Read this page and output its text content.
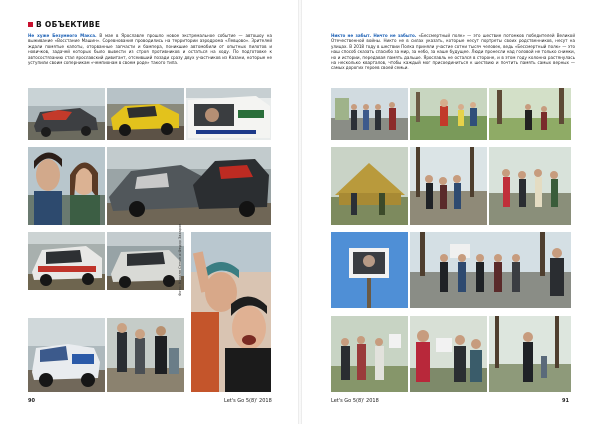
В ОБЪЕКТИВЕ
Не хуже Безумного Макса. В мае в Ярославле прошло новое экстремальное событие — автошоу на выживание «Восстание Машин». Соревнования проводились на территории аэродрома «Левцово». Зрителей ждали помятые капоты, оторванные запчасти и бампера, поникшие автомобили от опытных пилотов и новичков, задачей которых было вывести из строя противников и остаться на ходу. По подготовке к автосостязанию стал ярославский дивитант, отсеивший позади сразу двух участников из Казани, которые не уступили своим соперникам «чемпионам в своем роде» такого типа.
Фото: Кирилл Сенин и Федор Захаров
90	Let's Go 5(8)' 2018
Никто не забыт. Ничто не забыто. «Бессмертный полк» — это шествие потомков победителей Великой Отечественной войны. Никто не в силах указать, которые несут портреты своих родственников, несут на улицах. В 2018 году в шествии Полка приняли участие сотни тысяч человек, ведь «Бессмертный полк» — это наш способ сказать спасибо за мир, за небо, за наше будущее. Люди пронесли над головой не только снимки, но и истории, передавая память дальше. Ярославль не остался в стороне, и в этом году колонна растянулась на несколько кварталов, чтобы каждый мог присоединиться к шествию и почтить память самых верных — самых дорогих героев своей семьи.
Let's Go 5(8)' 2018	91
